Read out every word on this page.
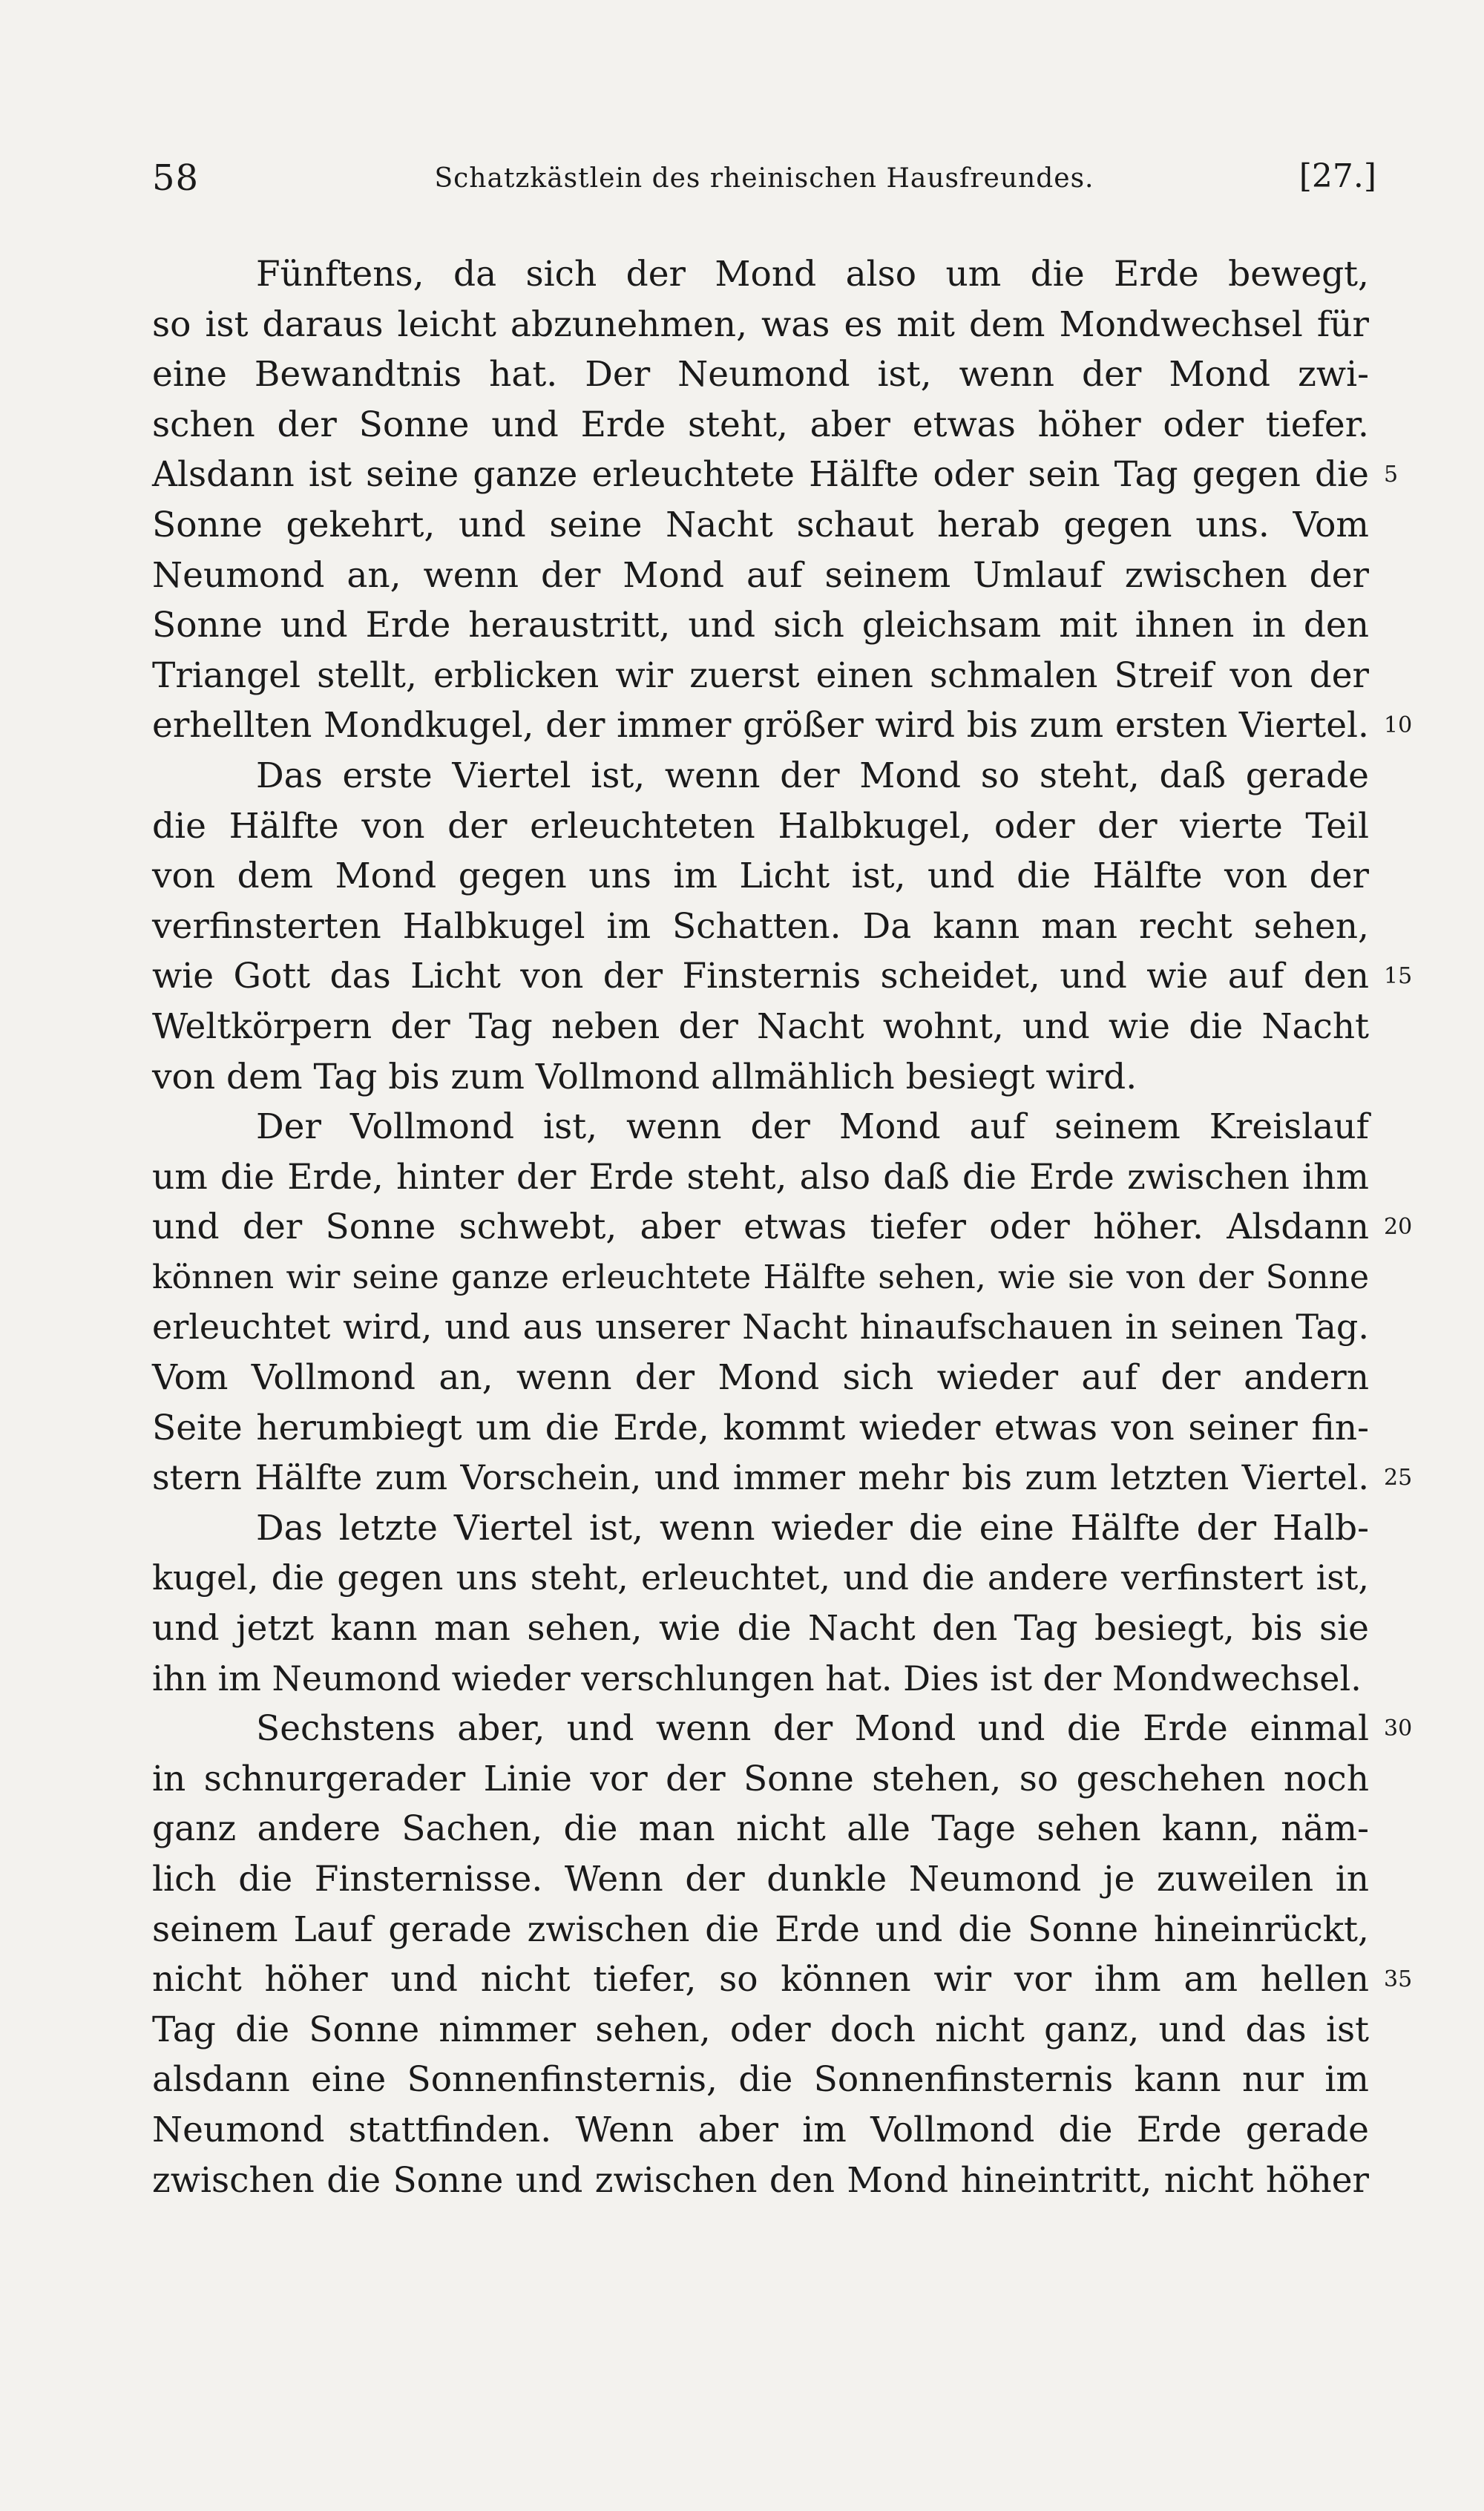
58	Schatzkästlein des rheinischen Hausfreundes.	[27.]
Fünftens, da sich der Mond also um die Erde bewegt,
so ist daraus leicht abzunehmen, was es mit dem Mondwechsel für
eine Bewandtnis hat. Der Neumond ist, wenn der Mond zwi-
schen der Sonne und Erde steht, aber etwas höher oder tiefer.
Alsdann ist seine ganze erleuchtete Hälfte oder sein Tag gegen die 5
Sonne gekehrt, und seine Nacht schaut herab gegen uns. Vom
Neumond an, wenn der Mond auf seinem Umlauf zwischen der
Sonne und Erde heraustritt, und sich gleichsam mit ihnen in den
Triangel stellt, erblicken wir zuerst einen schmalen Streif von der
erhellten Mondkugel, der immer größer wird bis zum ersten Viertel. 10
Das erste Viertel ist, wenn der Mond so steht, daß gerade
die Hälfte von der erleuchteten Halbkugel, oder der vierte Teil
von dem Mond gegen uns im Licht ist, und die Hälfte von der
verfinsterten Halbkugel im Schatten. Da kann man recht sehen,
wie Gott das Licht von der Finsternis scheidet, und wie auf den 15
Weltkörpern der Tag neben der Nacht wohnt, und wie die Nacht
von dem Tag bis zum Vollmond allmählich besiegt wird.
Der Vollmond ist, wenn der Mond auf seinem Kreislauf
um die Erde, hinter der Erde steht, also daß die Erde zwischen ihm
und der Sonne schwebt, aber etwas tiefer oder höher. Alsdann 20
können wir seine ganze erleuchtete Hälfte sehen, wie sie von der Sonne
erleuchtet wird, und aus unserer Nacht hinaufschauen in seinen Tag.
Vom Vollmond an, wenn der Mond sich wieder auf der andern
Seite herumbiegt um die Erde, kommt wieder etwas von seiner fin-
stern Hälfte zum Vorschein, und immer mehr bis zum letzten Viertel. 25
Das letzte Viertel ist, wenn wieder die eine Hälfte der Halb-
kugel, die gegen uns steht, erleuchtet, und die andere verfinstert ist,
und jetzt kann man sehen, wie die Nacht den Tag besiegt, bis sie
ihn im Neumond wieder verschlungen hat. Dies ist der Mondwechsel.
Sechstens aber, und wenn der Mond und die Erde einmal 30
in schnurgerader Linie vor der Sonne stehen, so geschehen noch
ganz andere Sachen, die man nicht alle Tage sehen kann, näm-
lich die Finsternisse. Wenn der dunkle Neumond je zuweilen in
seinem Lauf gerade zwischen die Erde und die Sonne hineinrückt,
nicht höher und nicht tiefer, so können wir vor ihm am hellen 35
Tag die Sonne nimmer sehen, oder doch nicht ganz, und das ist
alsdann eine Sonnenfinsternis, die Sonnenfinsternis kann nur im
Neumond stattfinden. Wenn aber im Vollmond die Erde gerade
zwischen die Sonne und zwischen den Mond hineintritt, nicht höher
